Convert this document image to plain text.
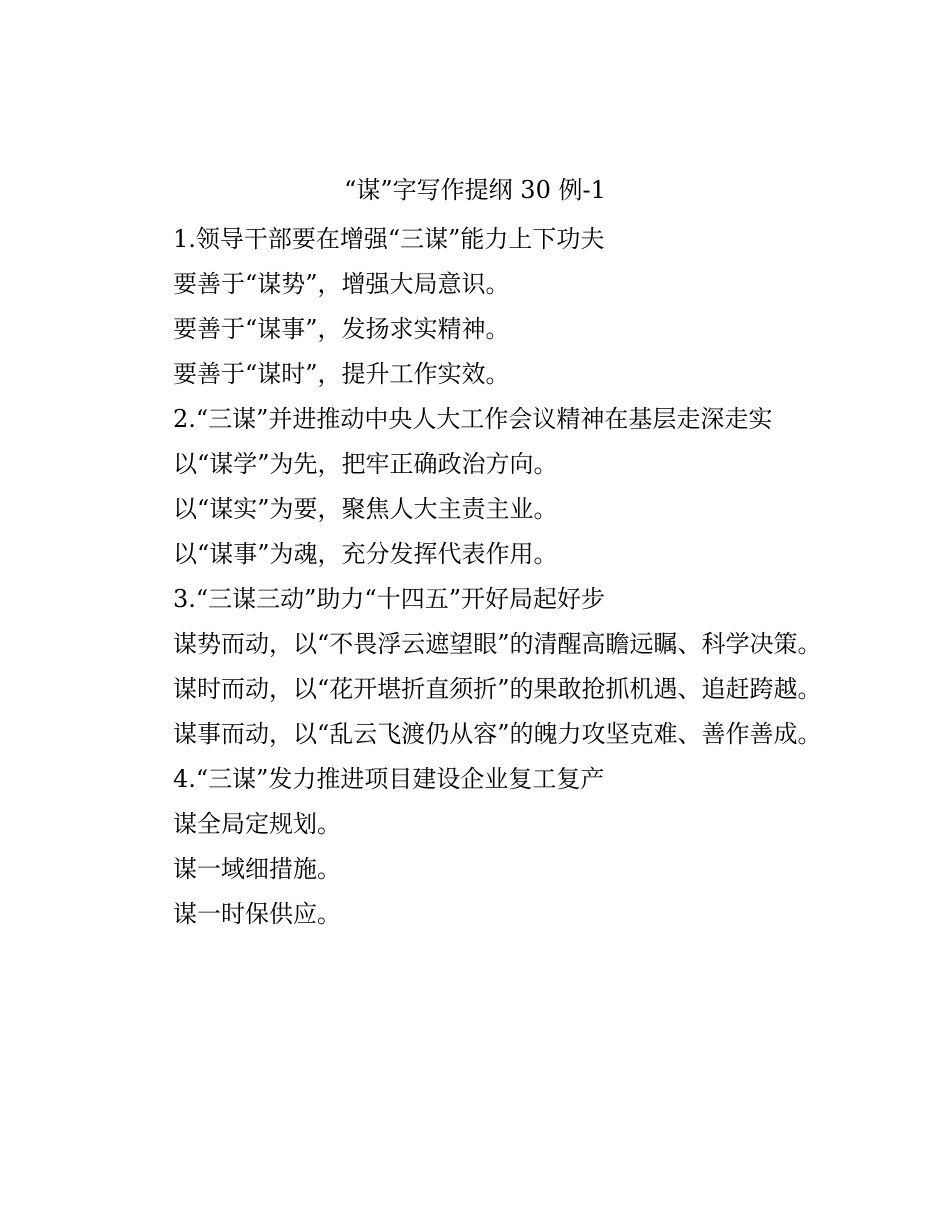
“谋”字写作提纲 30 例-1

1.领导干部要在增强“三谋”能力上下功夫

要善于“谋势”，增强大局意识。

要善于“谋事”，发扬求实精神。

要善于“谋时”，提升工作实效。

2.“三谋”并进推动中央人大工作会议精神在基层走深走实

以“谋学”为先，把牢正确政治方向。

以“谋实”为要，聚焦人大主责主业。

以“谋事”为魂，充分发挥代表作用。

3.“三谋三动”助力“十四五”开好局起好步

谋势而动，以“不畏浮云遮望眼”的清醒高瞻远瞩、科学决策。

谋时而动，以“花开堪折直须折”的果敢抢抓机遇、追赶跨越。

谋事而动，以“乱云飞渡仍从容”的魄力攻坚克难、善作善成。

4.“三谋”发力推进项目建设企业复工复产

谋全局定规划。

谋一域细措施。

谋一时保供应。
